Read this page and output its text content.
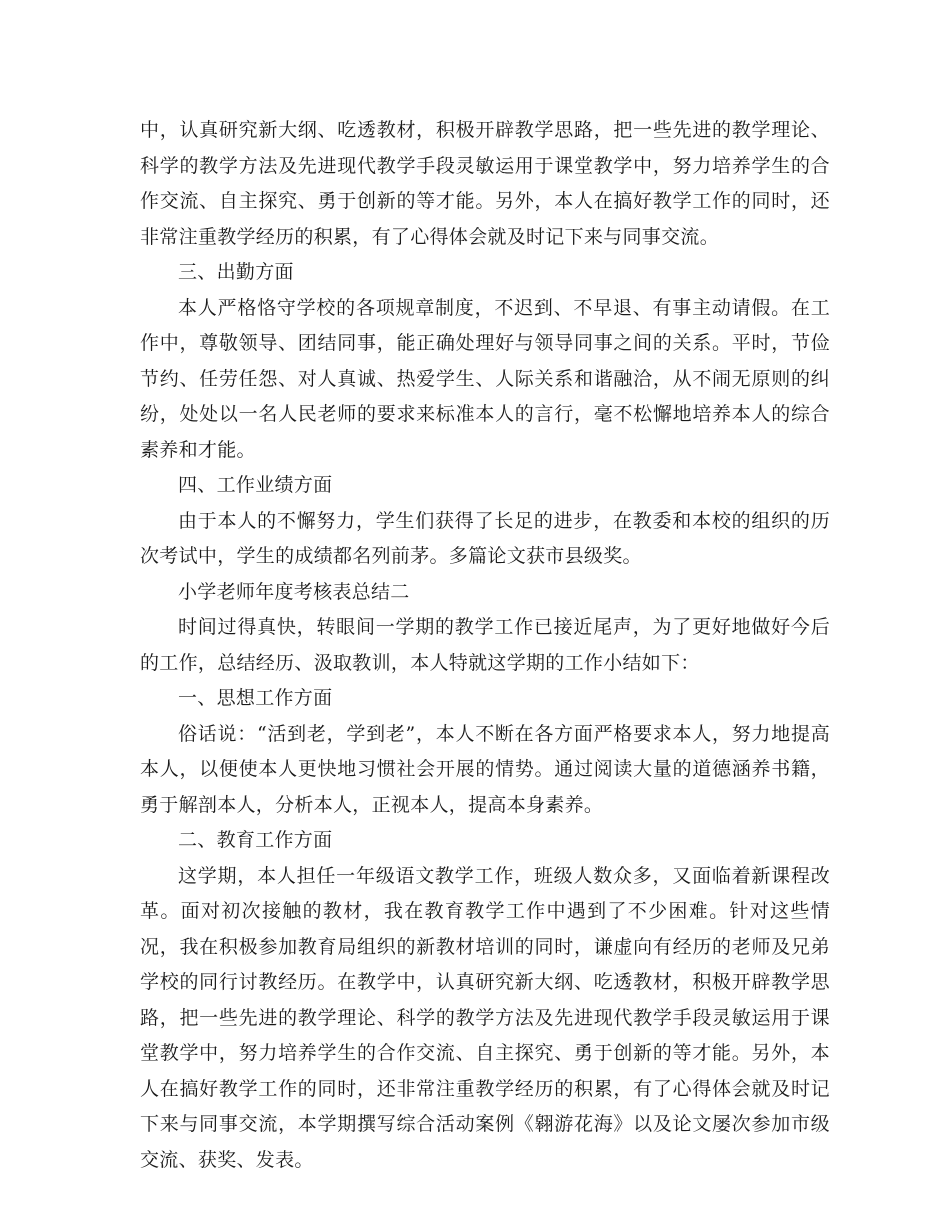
中，认真研究新大纲、吃透教材，积极开辟教学思路，把一些先进的教学理论、科学的教学方法及先进现代教学手段灵敏运用于课堂教学中，努力培养学生的合作交流、自主探究、勇于创新的等才能。另外，本人在搞好教学工作的同时，还非常注重教学经历的积累，有了心得体会就及时记下来与同事交流。

三、出勤方面

本人严格恪守学校的各项规章制度，不迟到、不早退、有事主动请假。在工作中，尊敬领导、团结同事，能正确处理好与领导同事之间的关系。平时，节俭节约、任劳任怨、对人真诚、热爱学生、人际关系和谐融洽，从不闹无原则的纠纷，处处以一名人民老师的要求来标准本人的言行，毫不松懈地培养本人的综合素养和才能。

四、工作业绩方面

由于本人的不懈努力，学生们获得了长足的进步，在教委和本校的组织的历次考试中，学生的成绩都名列前茅。多篇论文获市县级奖。

小学老师年度考核表总结二

时间过得真快，转眼间一学期的教学工作已接近尾声，为了更好地做好今后的工作，总结经历、汲取教训，本人特就这学期的工作小结如下：

一、思想工作方面

俗话说：“活到老，学到老”，本人不断在各方面严格要求本人，努力地提高本人，以便使本人更快地习惯社会开展的情势。通过阅读大量的道德涵养书籍，勇于解剖本人，分析本人，正视本人，提高本身素养。

二、教育工作方面

这学期，本人担任一年级语文教学工作，班级人数众多，又面临着新课程改革。面对初次接触的教材，我在教育教学工作中遇到了不少困难。针对这些情况，我在积极参加教育局组织的新教材培训的同时，谦虚向有经历的老师及兄弟学校的同行讨教经历。在教学中，认真研究新大纲、吃透教材，积极开辟教学思路，把一些先进的教学理论、科学的教学方法及先进现代教学手段灵敏运用于课堂教学中，努力培养学生的合作交流、自主探究、勇于创新的等才能。另外，本人在搞好教学工作的同时，还非常注重教学经历的积累，有了心得体会就及时记下来与同事交流，本学期撰写综合活动案例《翱游花海》以及论文屡次参加市级交流、获奖、发表。
